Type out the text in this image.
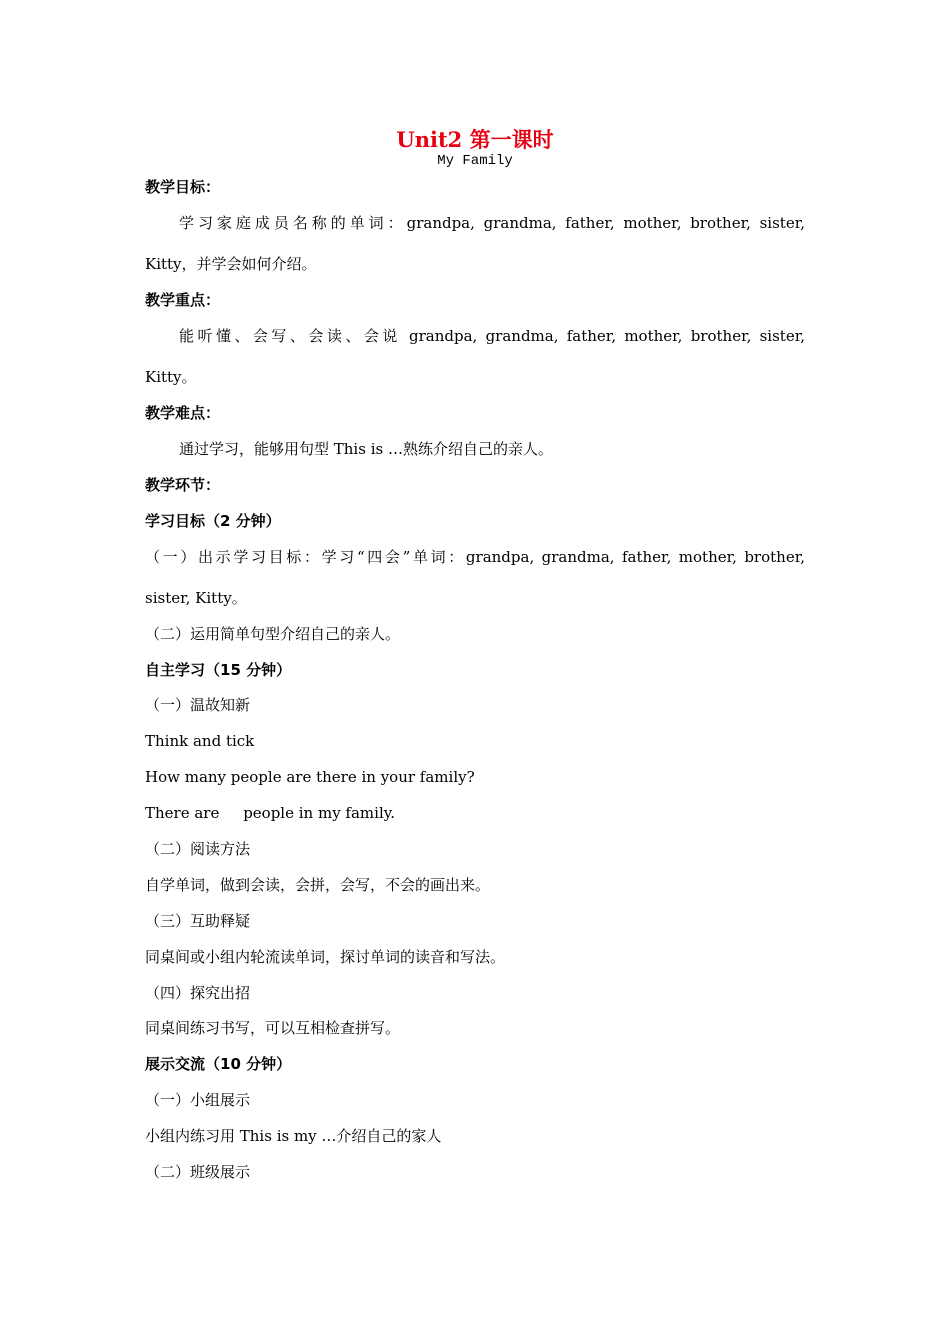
Unit2 第一课时
My Family
教学目标：
学习家庭成员名称的单词：grandpa, grandma, father, mother, brother, sister,
Kitty，并学会如何介绍。
教学重点：
能听懂、会写、会读、会说 grandpa, grandma, father, mother, brother, sister,
Kitty。
教学难点：
通过学习，能够用句型 This is …熟练介绍自己的亲人。
教学环节：
学习目标（2 分钟）
（一）出示学习目标：学习“四会”单词：grandpa, grandma, father, mother, brother,
sister, Kitty。
（二）运用简单句型介绍自己的亲人。
自主学习（15 分钟）
（一）温故知新
Think and tick
How many people are there in your family?
There are     people in my family.
（二）阅读方法
自学单词，做到会读，会拼，会写，不会的画出来。
（三）互助释疑
同桌间或小组内轮流读单词，探讨单词的读音和写法。
（四）探究出招
同桌间练习书写，可以互相检查拼写。
展示交流（10 分钟）
（一）小组展示
小组内练习用 This is my …介绍自己的家人
（二）班级展示
